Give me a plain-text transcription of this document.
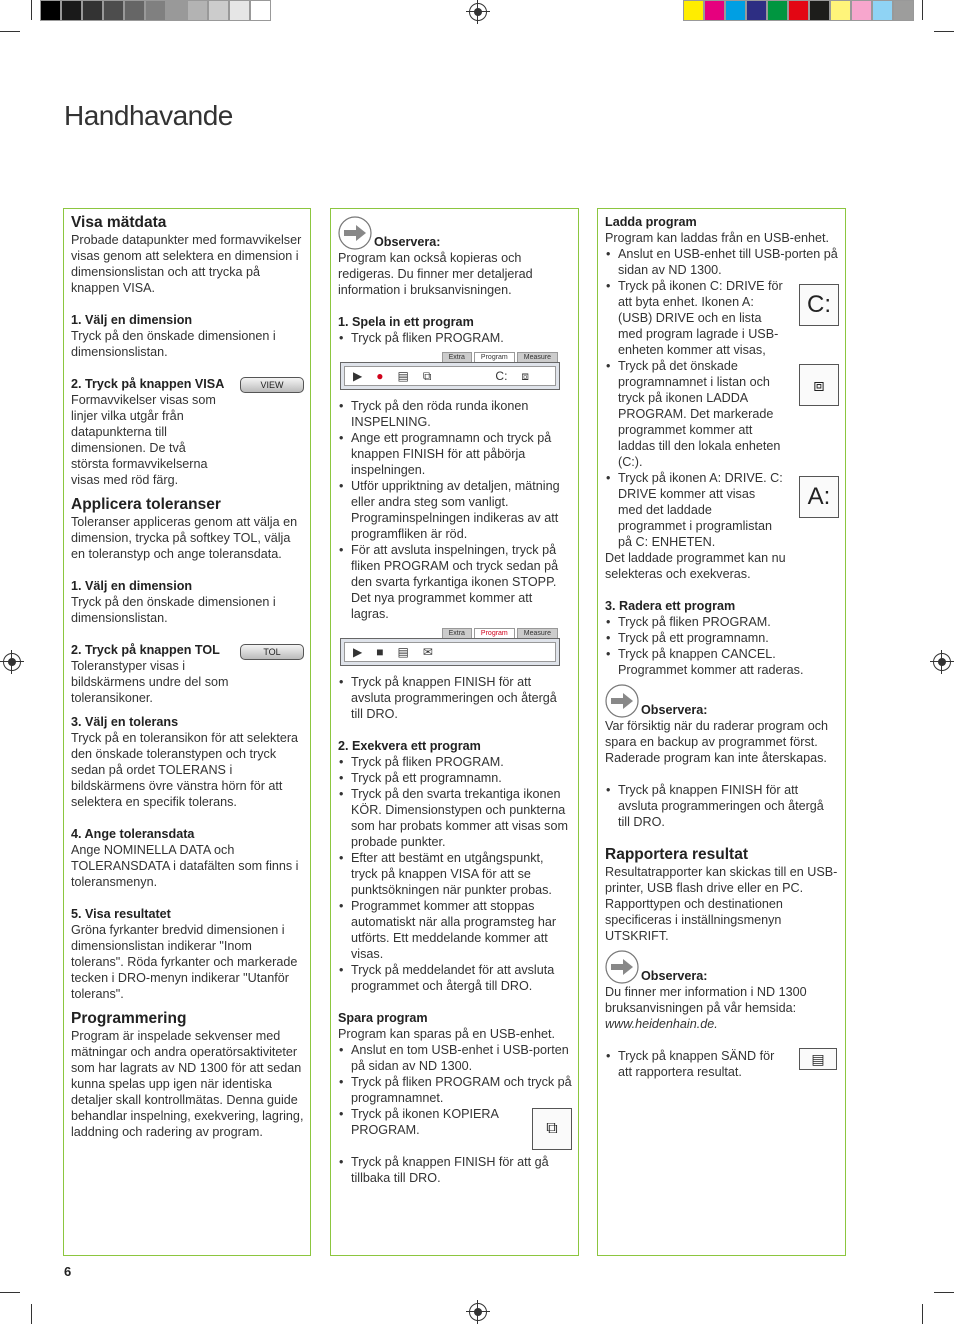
Handhavande

Visa mätdata

Probade datapunkter med formavvikelser visas genom att selektera en dimension i dimensionslistan och att trycka på knappen VISA.

1. Välj en dimension

Tryck på den önskade dimensionen i dimensionslistan.

2. Tryck på knappen VISA	VIEW

Formavvikelser visas som linjer vilka utgår från datapunkterna till dimensionen. De två största formavvikelserna visas med röd färg.

Applicera toleranser

Toleranser appliceras genom att välja en dimension, trycka på softkey TOL, välja en toleranstyp och ange toleransdata.

1. Välj en dimension

Tryck på den önskade dimensionen i dimensionslistan.

2. Tryck på knappen TOL	TOL

Toleranstyper visas i bildskärmens undre del som toleransikoner.

3. Välj en tolerans

Tryck på en toleransikon för att selektera den önskade toleranstypen och tryck sedan på ordet TOLERANS i bildskärmens övre vänstra hörn för att selektera en specifik tolerans.

4. Ange toleransdata

Ange NOMINELLA DATA och TOLERANSDATA i datafälten som finns i toleransmenyn.

5. Visa resultatet

Gröna fyrkanter bredvid dimensionen i dimensionslistan indikerar "Inom tolerans". Röda fyrkanter och markerade tecken i DRO-menyn indikerar "Utanför tolerans".

Programmering

Program är inspelade sekvenser med mätningar och andra operatörsaktiviteter som har lagrats av ND 1300 för att sedan kunna spelas upp igen när identiska detaljer skall kontrollmätas. Denna guide behandlar inspelning, exekvering, lagring, laddning och radering av program.

Observera:

Program kan också kopieras och redigeras. Du finner mer detaljerad information i bruksanvisningen.

1. Spela in ett program

• Tryck på fliken PROGRAM.
Extra	Program	Measure
▶ ● ▤ ⧉	C: ⧈
• Tryck på den röda runda ikonen INSPELNING.
• Ange ett programnamn och tryck på knappen FINISH för att påbörja inspelningen.
• Utför uppriktning av detaljen, mätning eller andra steg som vanligt. Programinspelningen indikeras av att programfliken är röd.
• För att avsluta inspelningen, tryck på fliken PROGRAM och tryck sedan på den svarta fyrkantiga ikonen STOPP. Det nya programmet kommer att lagras.
Extra	Program	Measure
▶ ■ ▤ ✉
• Tryck på knappen FINISH för att avsluta programmeringen och återgå till DRO.

2. Exekvera ett program

• Tryck på fliken PROGRAM.
• Tryck på ett programnamn.
• Tryck på den svarta trekantiga ikonen KÖR. Dimensionstypen och punkterna som har probats kommer att visas som probade punkter.
• Efter att bestämt en utgångspunkt, tryck på knappen VISA för att se punktsökningen när punkter probas.
• Programmet kommer att stoppas automatiskt när alla programsteg har utförts. Ett meddelande kommer att visas.
• Tryck på meddelandet för att avsluta programmet och återgå till DRO.

Spara program

Program kan sparas på en USB-enhet.

• Anslut en tom USB-enhet i USB-porten på sidan av ND 1300.
• Tryck på fliken PROGRAM och tryck på programnamnet.
• Tryck på ikonen KOPIERA PROGRAM.	⧉
• Tryck på knappen FINISH för att gå tillbaka till DRO.

Ladda program

Program kan laddas från en USB-enhet.

• Anslut en USB-enhet till USB-porten på sidan av ND 1300.
• Tryck på ikonen C: DRIVE för att byta enhet. Ikonen A: (USB) DRIVE och en lista med program lagrade i USB-enheten kommer att visas,
• Tryck på det önskade programnamnet i listan och tryck på ikonen LADDA PROGRAM. Det markerade programmet kommer att laddas till den lokala enheten (C:).
• Tryck på ikonen A: DRIVE. C: DRIVE kommer att visas med det laddade programmet i programlistan på C: ENHETEN.
C:
⧈
A:

Det laddade programmet kan nu selekteras och exekveras.

3. Radera ett program

• Tryck på fliken PROGRAM.
• Tryck på ett programnamn.
• Tryck på knappen CANCEL. Programmet kommer att raderas.
Observera:

Var försiktig när du raderar program och spara en backup av programmet först. Raderade program kan inte återskapas.

• Tryck på knappen FINISH för att avsluta programmeringen och återgå till DRO.

Rapportera resultat

Resultatrapporter kan skickas till en USB-printer, USB flash drive eller en PC. Rapporttypen och destinationen specificeras i inställningsmenyn UTSKRIFT.

Observera:

Du finner mer information i ND 1300 bruksanvisningen på vår hemsida:

www.heidenhain.de.

• Tryck på knappen SÄND för att rapportera resultat.
▤
6
